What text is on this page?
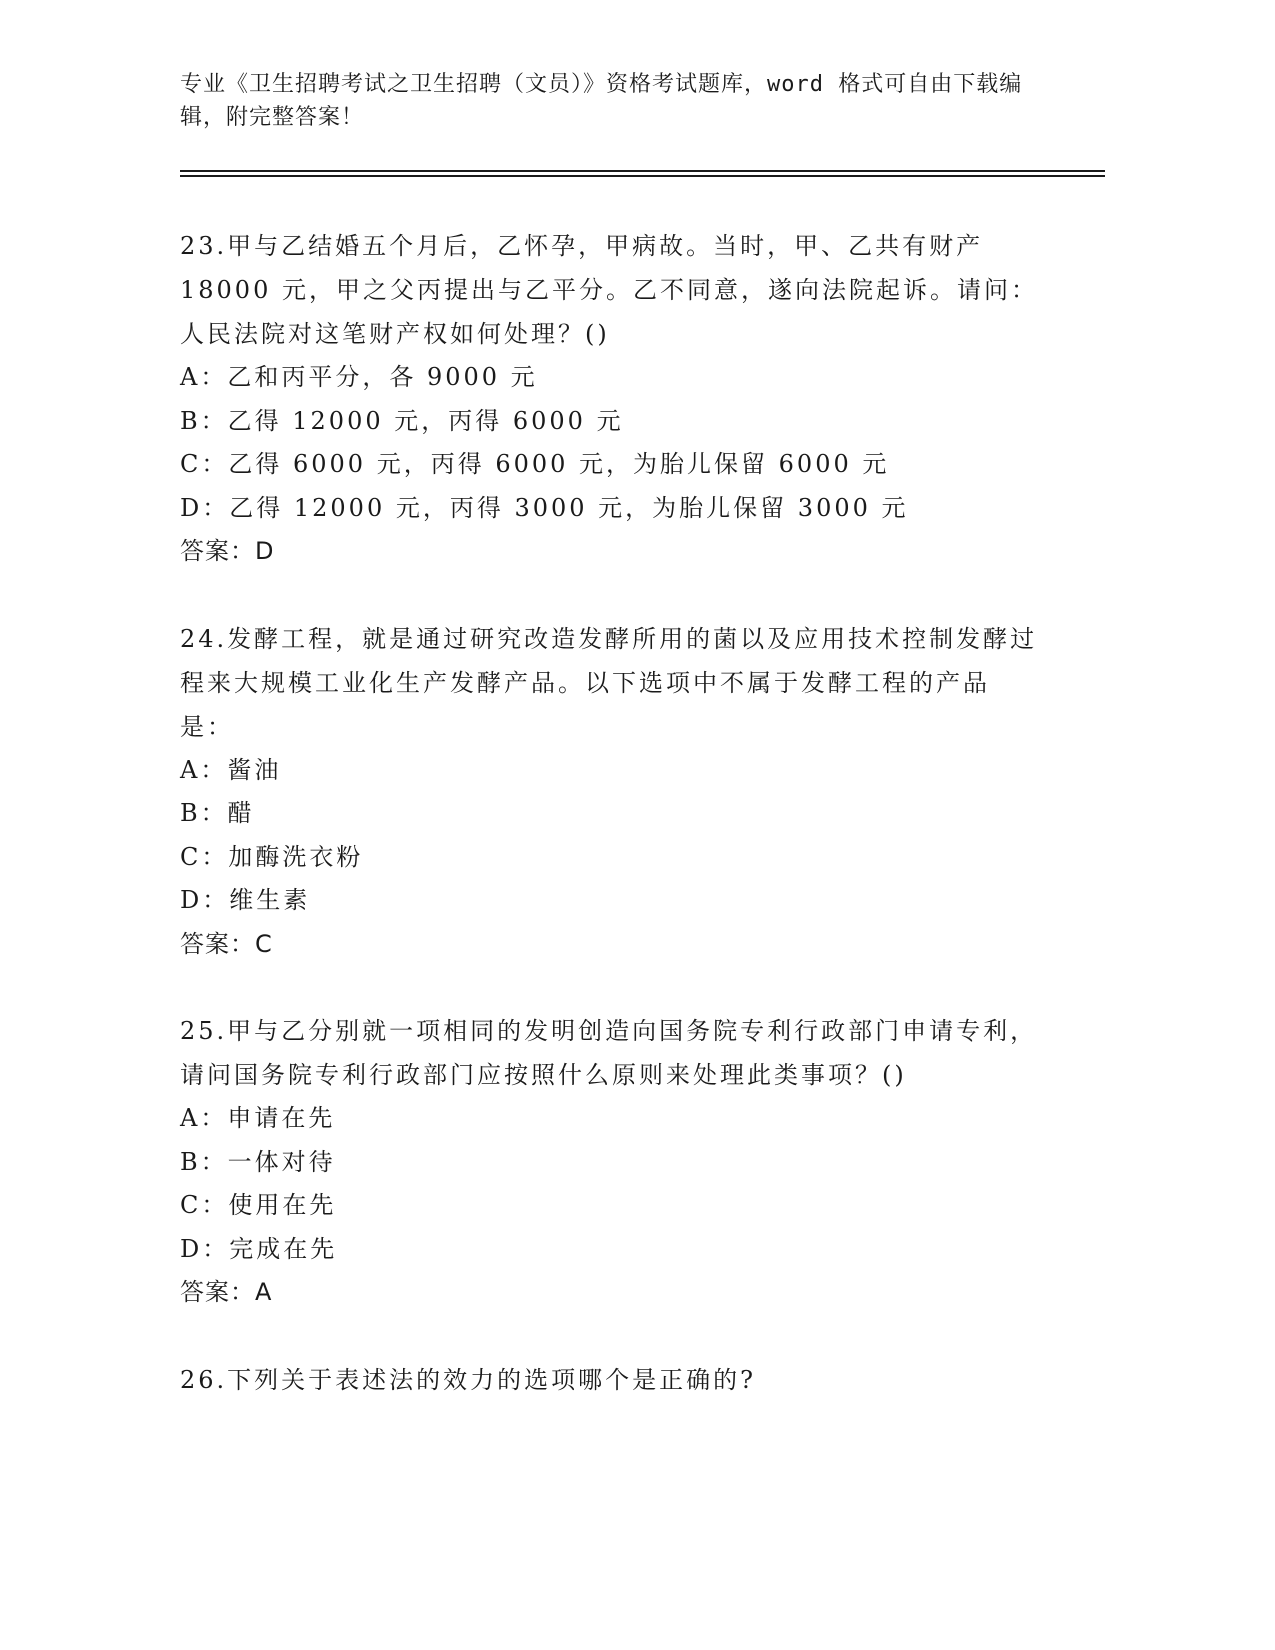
专业《卫生招聘考试之卫生招聘（文员）》资格考试题库，word 格式可自由下载编辑，附完整答案！

23.甲与乙结婚五个月后，乙怀孕，甲病故。当时，甲、乙共有财产18000 元，甲之父丙提出与乙平分。乙不同意，遂向法院起诉。请问：人民法院对这笔财产权如何处理？()

A：乙和丙平分，各 9000 元

B：乙得 12000 元，丙得 6000 元

C：乙得 6000 元，丙得 6000 元，为胎儿保留 6000 元

D：乙得 12000 元，丙得 3000 元，为胎儿保留 3000 元

答案：D

24.发酵工程，就是通过研究改造发酵所用的菌以及应用技术控制发酵过程来大规模工业化生产发酵产品。以下选项中不属于发酵工程的产品是：

A：酱油

B：醋

C：加酶洗衣粉

D：维生素

答案：C

25.甲与乙分别就一项相同的发明创造向国务院专利行政部门申请专利，请问国务院专利行政部门应按照什么原则来处理此类事项？()

A：申请在先

B：一体对待

C：使用在先

D：完成在先

答案：A

26.下列关于表述法的效力的选项哪个是正确的?
